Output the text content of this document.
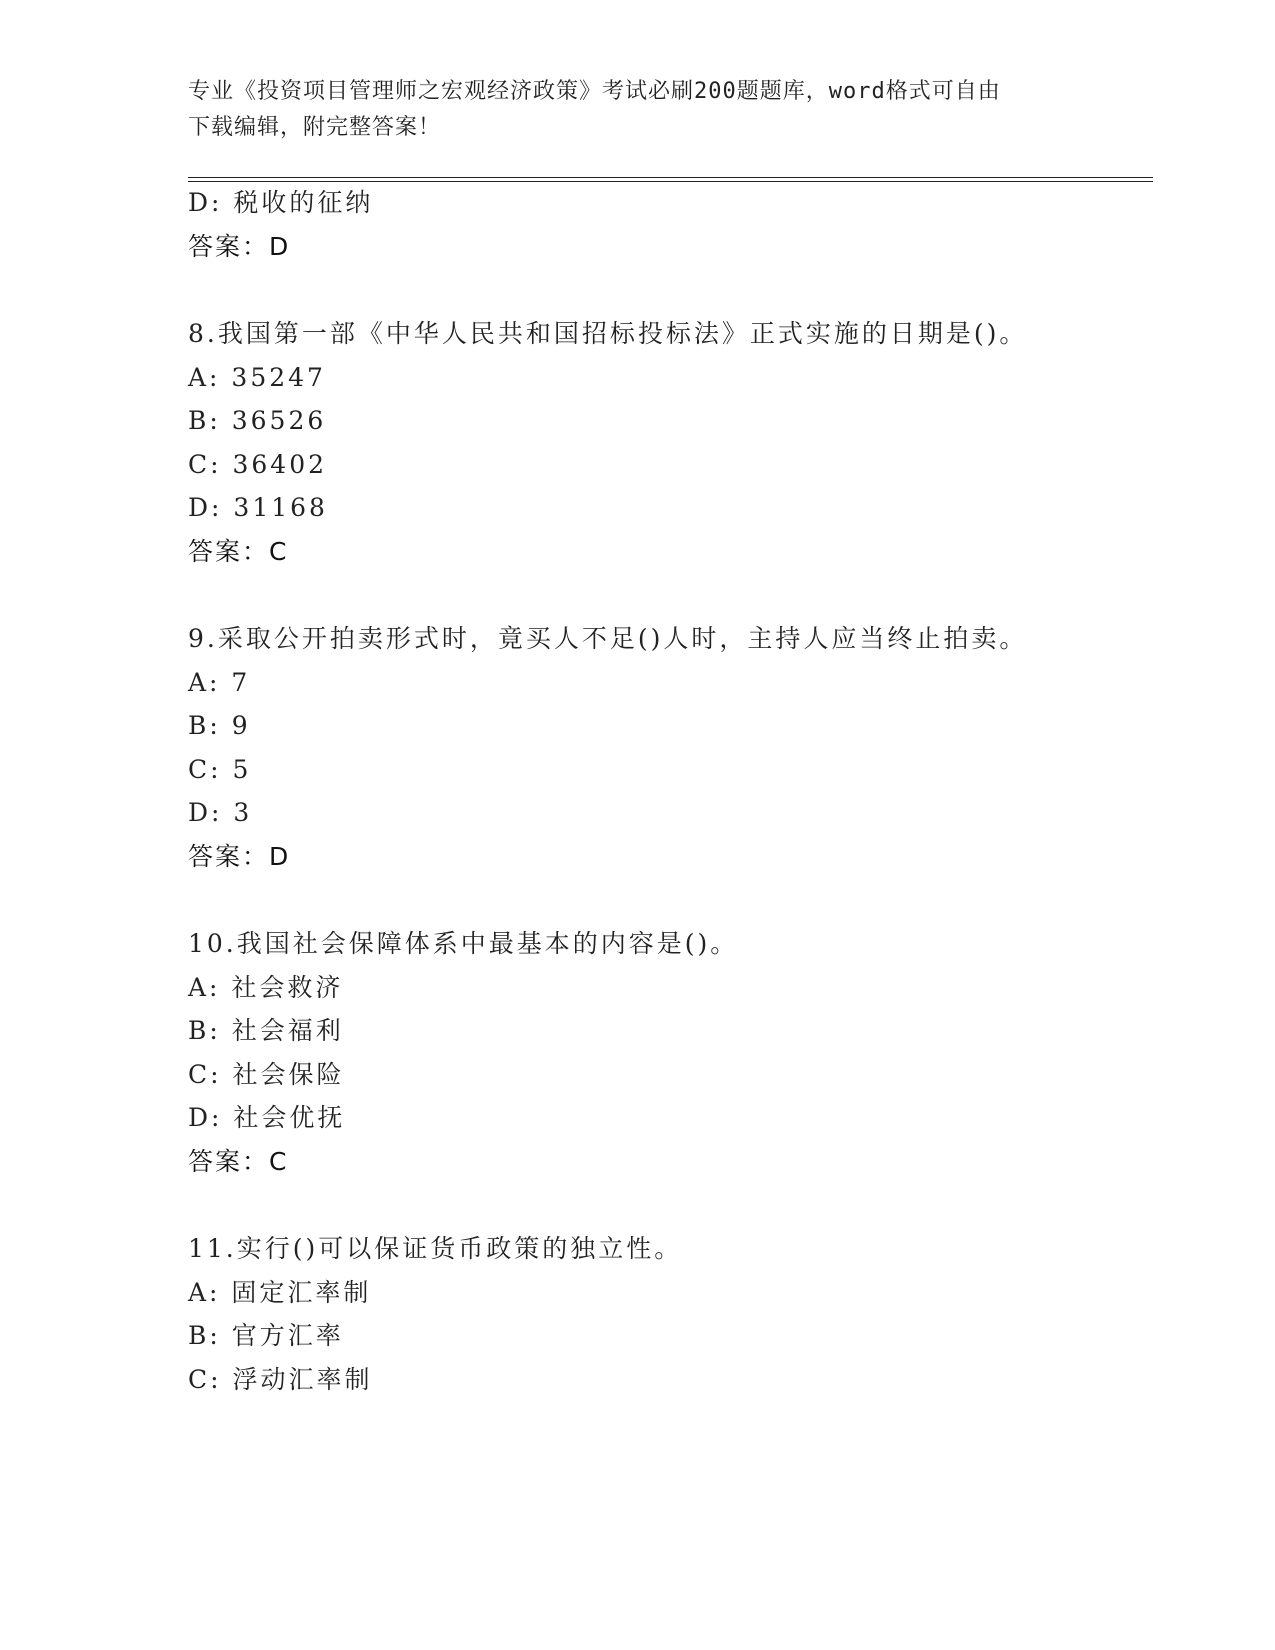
专业《投资项目管理师之宏观经济政策》考试必刷200题题库，word格式可自由
下载编辑，附完整答案！
D: 税收的征纳
答案：D
8.我国第一部《中华人民共和国招标投标法》正式实施的日期是()。
A: 35247
B: 36526
C: 36402
D: 31168
答案：C
9.采取公开拍卖形式时，竟买人不足()人时，主持人应当终止拍卖。
A: 7
B: 9
C: 5
D: 3
答案：D
10.我国社会保障体系中最基本的内容是()。
A: 社会救济
B: 社会福利
C: 社会保险
D: 社会优抚
答案：C
11.实行()可以保证货币政策的独立性。
A: 固定汇率制
B: 官方汇率
C: 浮动汇率制
